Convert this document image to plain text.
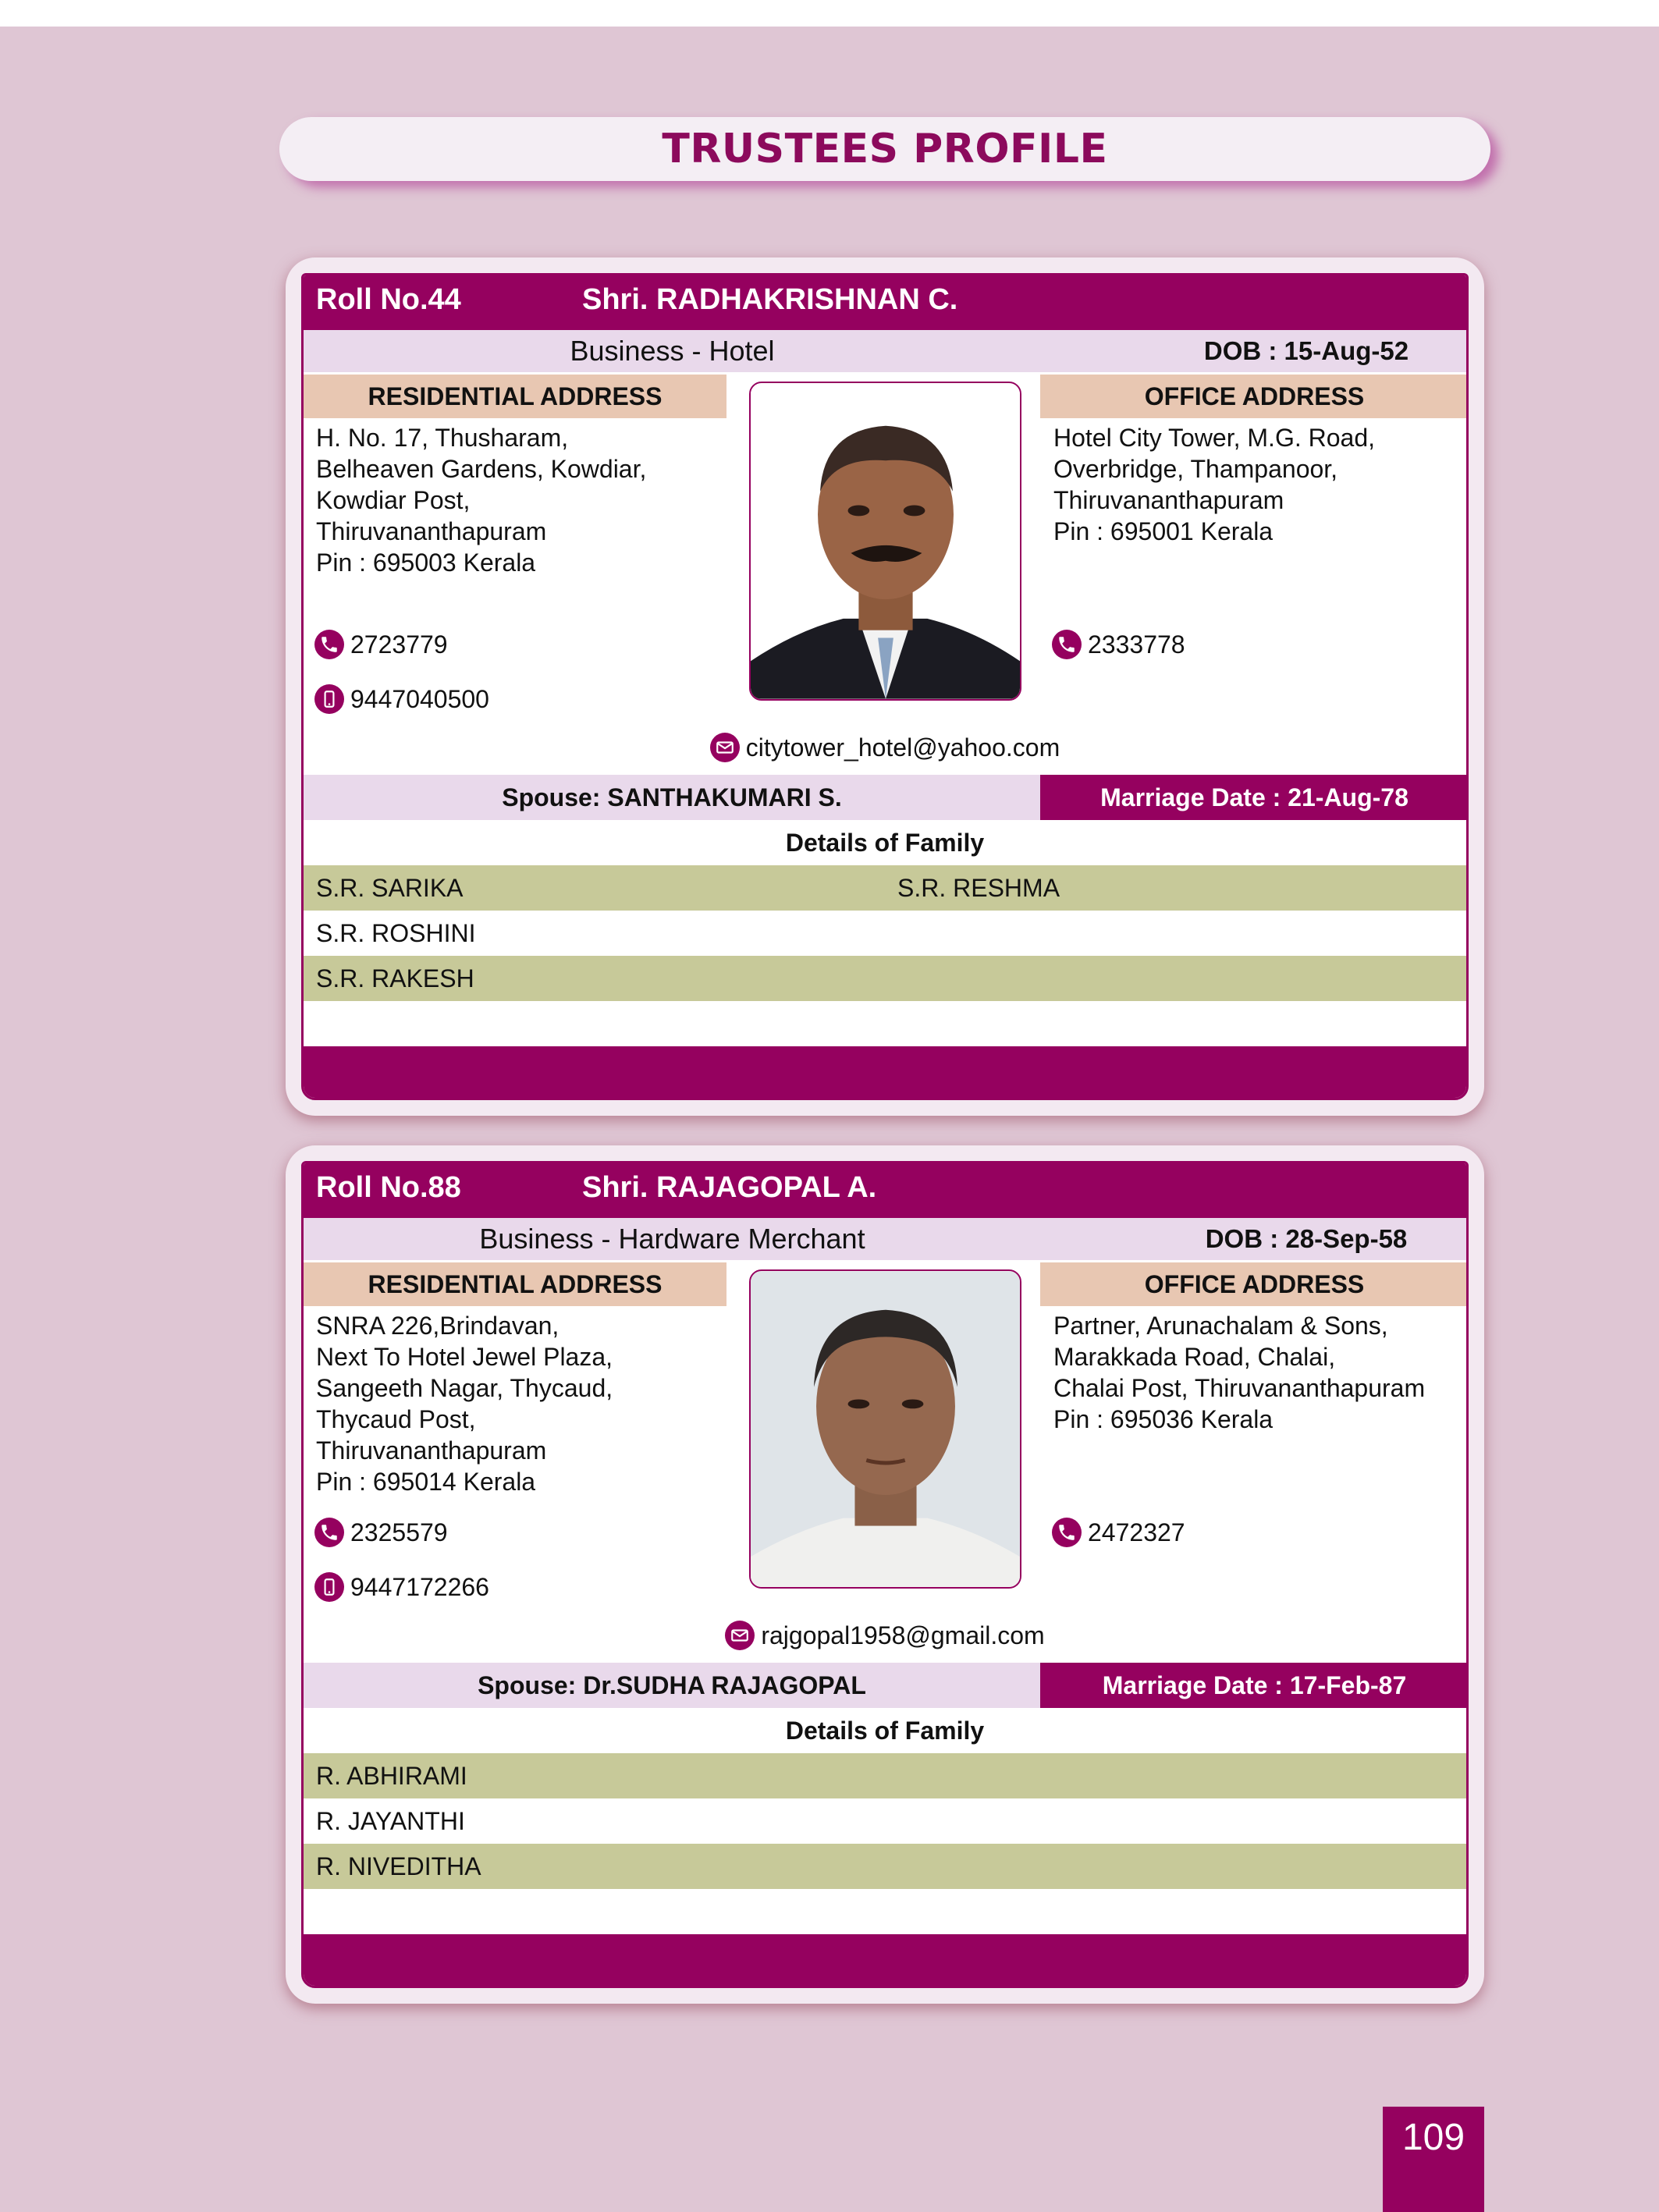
TRUSTEES PROFILE
Roll No.44	Shri. RADHAKRISHNAN C.
Business - Hotel	DOB : 15-Aug-52
RESIDENTIAL ADDRESS	OFFICE ADDRESS
H. No. 17, Thusharam,
Belheaven Gardens, Kowdiar,
Kowdiar Post,
Thiruvananthapuram
Pin : 695003 Kerala
Hotel City Tower, M.G. Road,
Overbridge, Thampanoor,
Thiruvananthapuram
Pin : 695001 Kerala
2723779
9447040500
2333778
citytower_hotel@yahoo.com
Spouse: SANTHAKUMARI S.	Marriage Date : 21-Aug-78
Details of Family
S.R. SARIKA	S.R. RESHMA
S.R. ROSHINI
S.R. RAKESH
Roll No.88	Shri. RAJAGOPAL A.
Business - Hardware Merchant	DOB : 28-Sep-58
RESIDENTIAL ADDRESS	OFFICE ADDRESS
SNRA 226,Brindavan,
Next To Hotel Jewel Plaza,
Sangeeth Nagar, Thycaud,
Thycaud Post,
Thiruvananthapuram
Pin : 695014 Kerala
Partner, Arunachalam & Sons,
Marakkada Road, Chalai,
Chalai Post, Thiruvananthapuram
Pin : 695036 Kerala
2325579
9447172266
2472327
rajgopal1958@gmail.com
Spouse: Dr.SUDHA RAJAGOPAL	Marriage Date : 17-Feb-87
Details of Family
R. ABHIRAMI
R. JAYANTHI
R. NIVEDITHA
109
